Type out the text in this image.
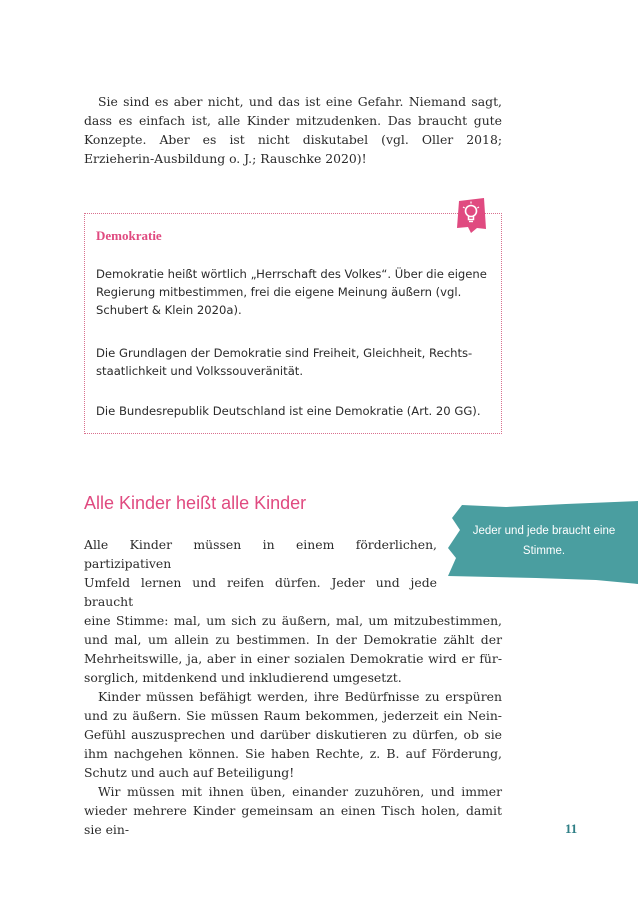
Sie sind es aber nicht, und das ist eine Gefahr. Niemand sagt, dass es einfach ist, alle Kinder mitzudenken. Das braucht gute Konzepte. Aber es ist nicht diskutabel (vgl. Oller 2018; Erzieherin-Ausbildung o. J.; Rauschke 2020)!

Demokratie
Demokratie heißt wörtlich „Herrschaft des Volkes“. Über die eigene Regierung mitbestimmen, frei die eigene Meinung äußern (vgl. Schubert & Klein 2020a).
Die Grundlagen der Demokratie sind Freiheit, Gleichheit, Rechtsstaatlichkeit und Volkssouveränität.
Die Bundesrepublik Deutschland ist eine Demokratie (Art. 20 GG).
Alle Kinder heißt alle Kinder
Jeder und jede braucht eine Stimme.

Alle Kinder müssen in einem förderlichen, partizipativen
Umfeld lernen und reifen dürfen. Jeder und jede braucht
eine Stimme: mal, um sich zu äußern, mal, um mitzubestimmen, und mal, um allein zu bestimmen. In der Demokratie zählt der Mehrheitswille, ja, aber in einer sozialen Demokratie wird er fürsorglich, mitdenkend und inkludierend umgesetzt.

Kinder müssen befähigt werden, ihre Bedürfnisse zu erspüren und zu äußern. Sie müssen Raum bekommen, jederzeit ein Nein-Gefühl auszusprechen und darüber diskutieren zu dürfen, ob sie ihm nachgehen können. Sie haben Rechte, z. B. auf Förderung, Schutz und auch auf Beteiligung!

Wir müssen mit ihnen üben, einander zuzuhören, und immer wieder mehrere Kinder gemeinsam an einen Tisch holen, damit sie ein-	11
